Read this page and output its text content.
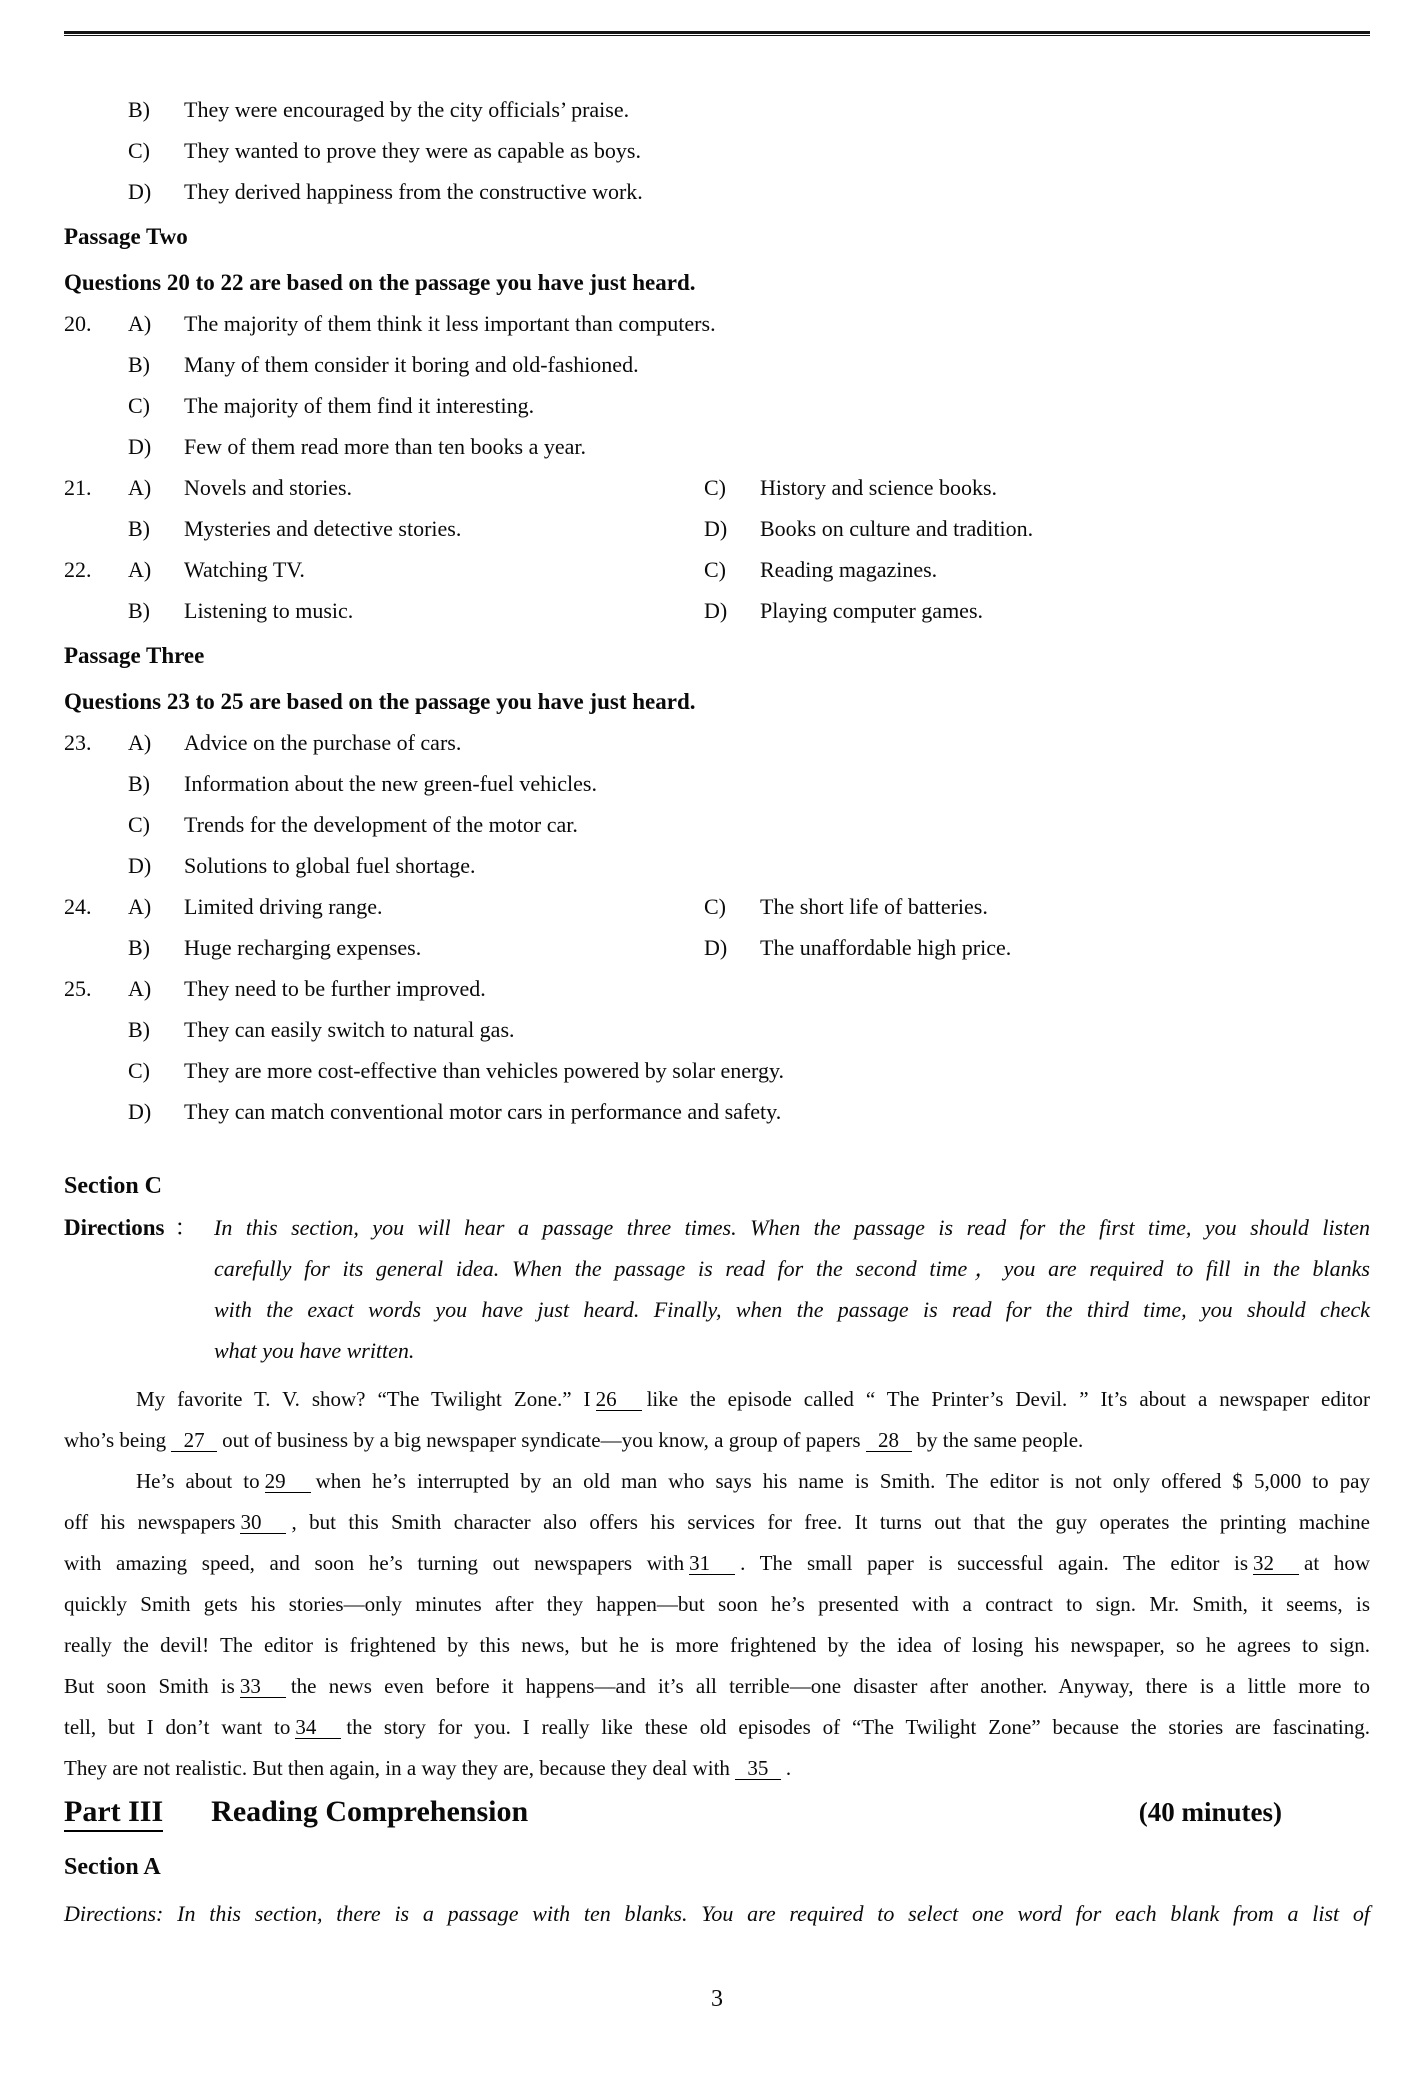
B)	They were encouraged by the city officials’ praise.
C)	They wanted to prove they were as capable as boys.
D)	They derived happiness from the constructive work.
Passage Two
Questions 20 to 22 are based on the passage you have just heard.
20.	A)	The majority of them think it less important than computers.
B)	Many of them consider it boring and old-fashioned.
C)	The majority of them find it interesting.
D)	Few of them read more than ten books a year.
21.	A)	Novels and stories.	C)	History and science books.
B)	Mysteries and detective stories.	D)	Books on culture and tradition.
22.	A)	Watching TV.	C)	Reading magazines.
B)	Listening to music.	D)	Playing computer games.
Passage Three
Questions 23 to 25 are based on the passage you have just heard.
23.	A)	Advice on the purchase of cars.
B)	Information about the new green-fuel vehicles.
C)	Trends for the development of the motor car.
D)	Solutions to global fuel shortage.
24.	A)	Limited driving range.	C)	The short life of batteries.
B)	Huge recharging expenses.	D)	The unaffordable high price.
25.	A)	They need to be further improved.
B)	They can easily switch to natural gas.
C)	They are more cost-effective than vehicles powered by solar energy.
D)	They can match conventional motor cars in performance and safety.
Section C
Directions ： In this section, you will hear a passage three times. When the passage is read for the first time, you should listen
carefully for its general idea. When the passage is read for the second time，you are required to fill in the blanks
with the exact words you have just heard. Finally, when the passage is read for the third time, you should check
what you have written.
My favorite T. V. show? “The Twilight Zone.” I 26 like the episode called “ The Printer’s Devil. ” It’s about a newspaper editor
who’s being 27 out of business by a big newspaper syndicate—you know, a group of papers 28 by the same people.
He’s about to 29 when he’s interrupted by an old man who says his name is Smith. The editor is not only offered $ 5,000 to pay
off his newspapers 30 , but this Smith character also offers his services for free. It turns out that the guy operates the printing machine
with amazing speed, and soon he’s turning out newspapers with 31 . The small paper is successful again. The editor is 32 at how
quickly Smith gets his stories—only minutes after they happen—but soon he’s presented with a contract to sign. Mr. Smith, it seems, is
really the devil! The editor is frightened by this news, but he is more frightened by the idea of losing his newspaper, so he agrees to sign.
But soon Smith is 33 the news even before it happens—and it’s all terrible—one disaster after another. Anyway, there is a little more to
tell, but I don’t want to 34 the story for you. I really like these old episodes of “The Twilight Zone” because the stories are fascinating.
They are not realistic. But then again, in a way they are, because they deal with 35 .
Part III Reading Comprehension	(40 minutes)
Section A
Directions: In this section, there is a passage with ten blanks. You are required to select one word for each blank from a list of
3
